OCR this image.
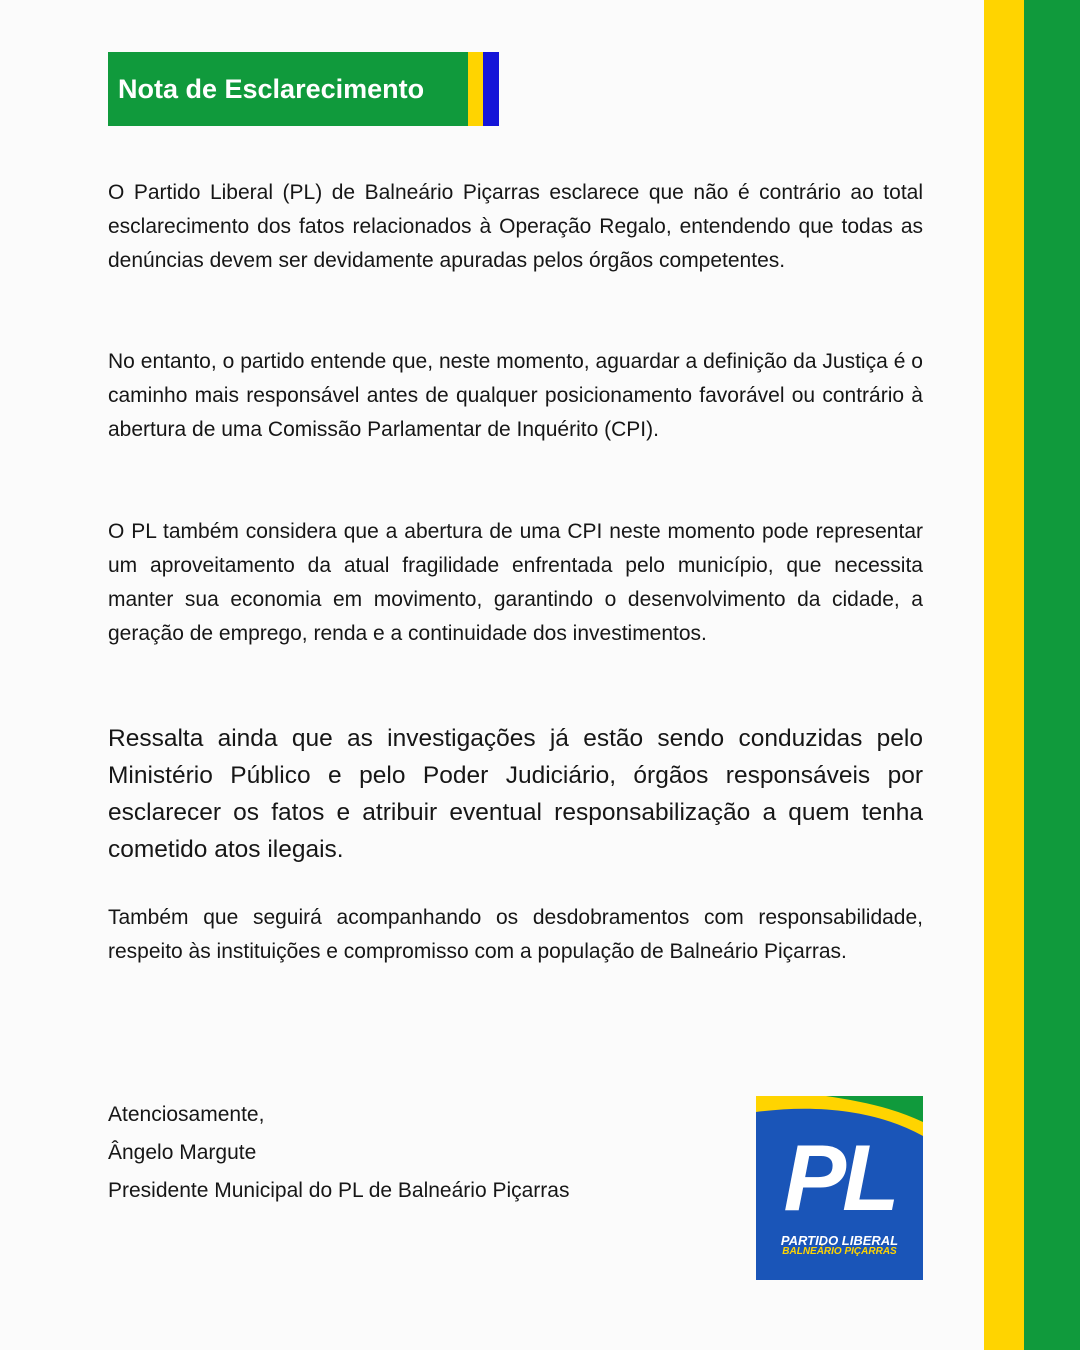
Nota de Esclarecimento

O Partido Liberal (PL) de Balneário Piçarras esclarece que não é contrário ao total esclarecimento dos fatos relacionados à Operação Regalo, entendendo que todas as denúncias devem ser devidamente apuradas pelos órgãos competentes.

No entanto, o partido entende que, neste momento, aguardar a definição da Justiça é o caminho mais responsável antes de qualquer posicionamento favorável ou contrário à abertura de uma Comissão Parlamentar de Inquérito (CPI).

O PL também considera que a abertura de uma CPI neste momento pode representar um aproveitamento da atual fragilidade enfrentada pelo município, que necessita manter sua economia em movimento, garantindo o desenvolvimento da cidade, a geração de emprego, renda e a continuidade dos investimentos.

Ressalta ainda que as investigações já estão sendo conduzidas pelo Ministério Público e pelo Poder Judiciário, órgãos responsáveis por esclarecer os fatos e atribuir eventual responsabilização a quem tenha cometido atos ilegais.

Também que seguirá acompanhando os desdobramentos com responsabilidade, respeito às instituições e compromisso com a população de Balneário Piçarras.

Atenciosamente,
Ângelo Margute
Presidente Municipal do PL de Balneário Piçarras PL
PARTIDO LIBERAL
BALNEÁRIO PIÇARRAS
